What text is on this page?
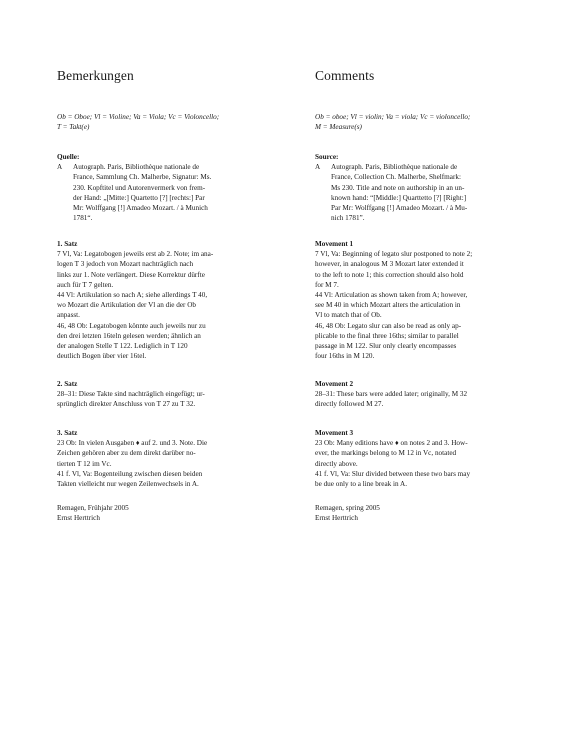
Bemerkungen
Ob = Oboe; Vl = Violine; Va = Viola; Vc = Violoncello;
T = Takt(e)
Quelle:
A	Autograph. Paris, Bibliothèque nationale de
France, Sammlung Ch. Malherbe, Signatur: Ms.
230. Kopftitel und Autorenvermerk von frem-
der Hand: „[Mitte:] Quartetto [?] [rechts:] Par
Mr: Wolffgang [!] Amadeo Mozart. / à Munich
1781“.
1. Satz
7 Vl, Va: Legatobogen jeweils erst ab 2. Note; im ana-
logen T 3 jedoch von Mozart nachträglich nach
links zur 1. Note verlängert. Diese Korrektur dürfte
auch für T 7 gelten.
44 Vl: Artikulation so nach A; siehe allerdings T 40,
wo Mozart die Artikulation der Vl an die der Ob
anpasst.
46, 48 Ob: Legatobogen könnte auch jeweils nur zu
den drei letzten 16teln gelesen werden; ähnlich an
der analogen Stelle T 122. Lediglich in T 120
deutlich Bogen über vier 16tel.
2. Satz
28–31: Diese Takte sind nachträglich eingefügt; ur-
sprünglich direkter Anschluss von T 27 zu T 32.
3. Satz
23 Ob: In vielen Ausgaben ♦ auf 2. und 3. Note. Die
Zeichen gehören aber zu dem direkt darüber no-
tierten T 12 im Vc.
41 f. Vl, Va: Bogenteilung zwischen diesen beiden
Takten vielleicht nur wegen Zeilenwechsels in A.
Remagen, Frühjahr 2005
Ernst Herttrich
Comments
Ob = oboe; Vl = violin; Va = viola; Vc = violoncello;
M = Measure(s)
Source:
A	Autograph. Paris, Bibliothèque nationale de
France, Collection Ch. Malherbe, Shelfmark:
Ms 230. Title and note on authorship in an un-
known hand: “[Middle:] Quarttetto [?] [Right:]
Par Mr: Wolffgang [!] Amadeo Mozart. / à Mu-
nich 1781”.
Movement 1
7 Vl, Va: Beginning of legato slur postponed to note 2;
however, in analogous M 3 Mozart later extended it
to the left to note 1; this correction should also hold
for M 7.
44 Vl: Articulation as shown taken from A; however,
see M 40 in which Mozart alters the articulation in
Vl to match that of Ob.
46, 48 Ob: Legato slur can also be read as only ap-
plicable to the final three 16ths; similar to parallel
passage in M 122. Slur only clearly encompasses
four 16ths in M 120.
Movement 2
28–31: These bars were added later; originally, M 32
directly followed M 27.
Movement 3
23 Ob: Many editions have ♦ on notes 2 and 3. How-
ever, the markings belong to M 12 in Vc, notated
directly above.
41 f. Vl, Va: Slur divided between these two bars may
be due only to a line break in A.
Remagen, spring 2005
Ernst Herttrich
